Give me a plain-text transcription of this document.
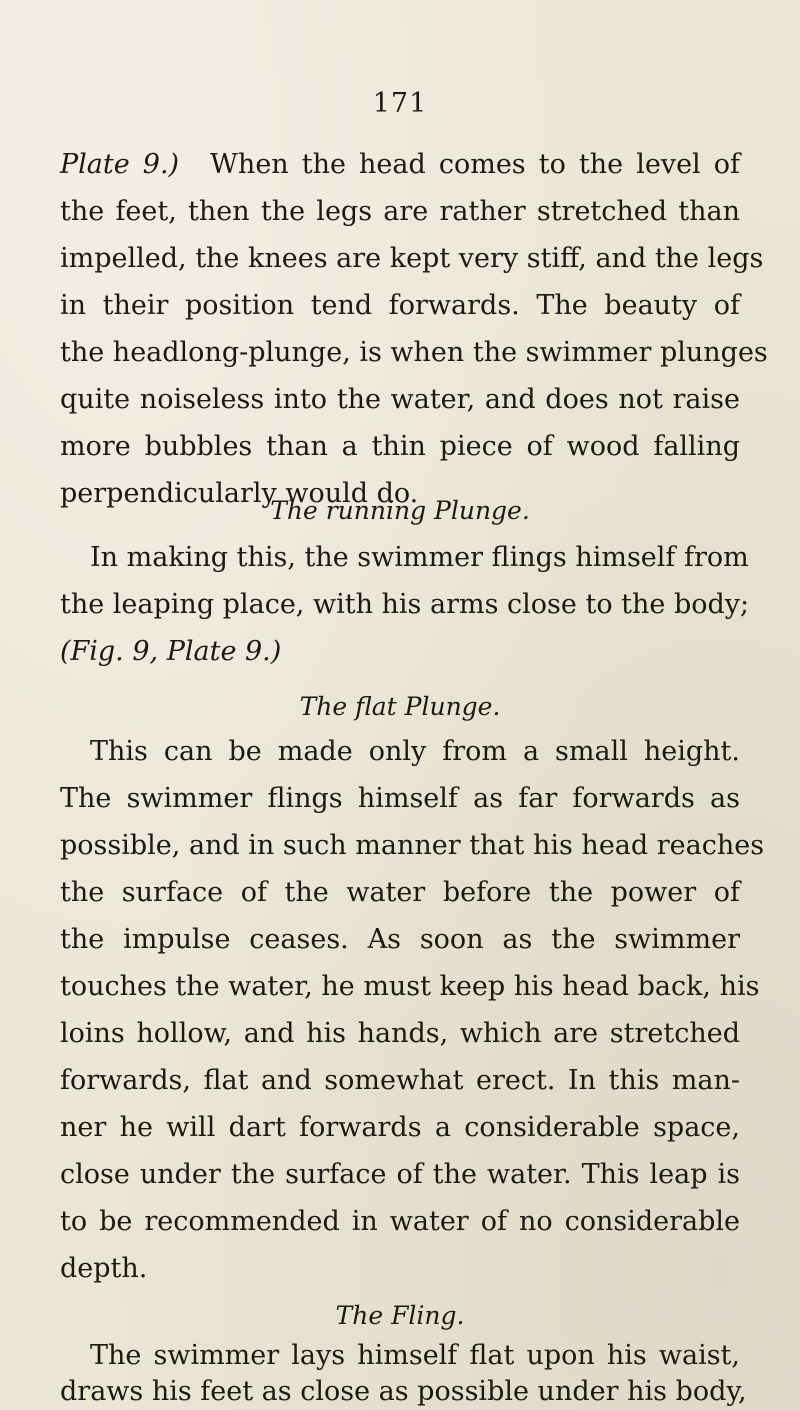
171
Plate 9.) When the head comes to the level of
the feet, then the legs are rather stretched than
impelled, the knees are kept very stiff, and the legs
in their position tend forwards. The beauty of
the headlong-plunge, is when the swimmer plunges
quite noiseless into the water, and does not raise
more bubbles than a thin piece of wood falling
perpendicularly would do.
The running Plunge.
In making this, the swimmer flings himself from
the leaping place, with his arms close to the body;
(Fig. 9, Plate 9.)
The flat Plunge.
This can be made only from a small height.
The swimmer flings himself as far forwards as
possible, and in such manner that his head reaches
the surface of the water before the power of
the impulse ceases. As soon as the swimmer
touches the water, he must keep his head back, his
loins hollow, and his hands, which are stretched
forwards, flat and somewhat erect. In this man-
ner he will dart forwards a considerable space,
close under the surface of the water. This leap is
to be recommended in water of no considerable
depth.
The Fling.
The swimmer lays himself flat upon his waist,
draws his feet as close as possible under his body,
